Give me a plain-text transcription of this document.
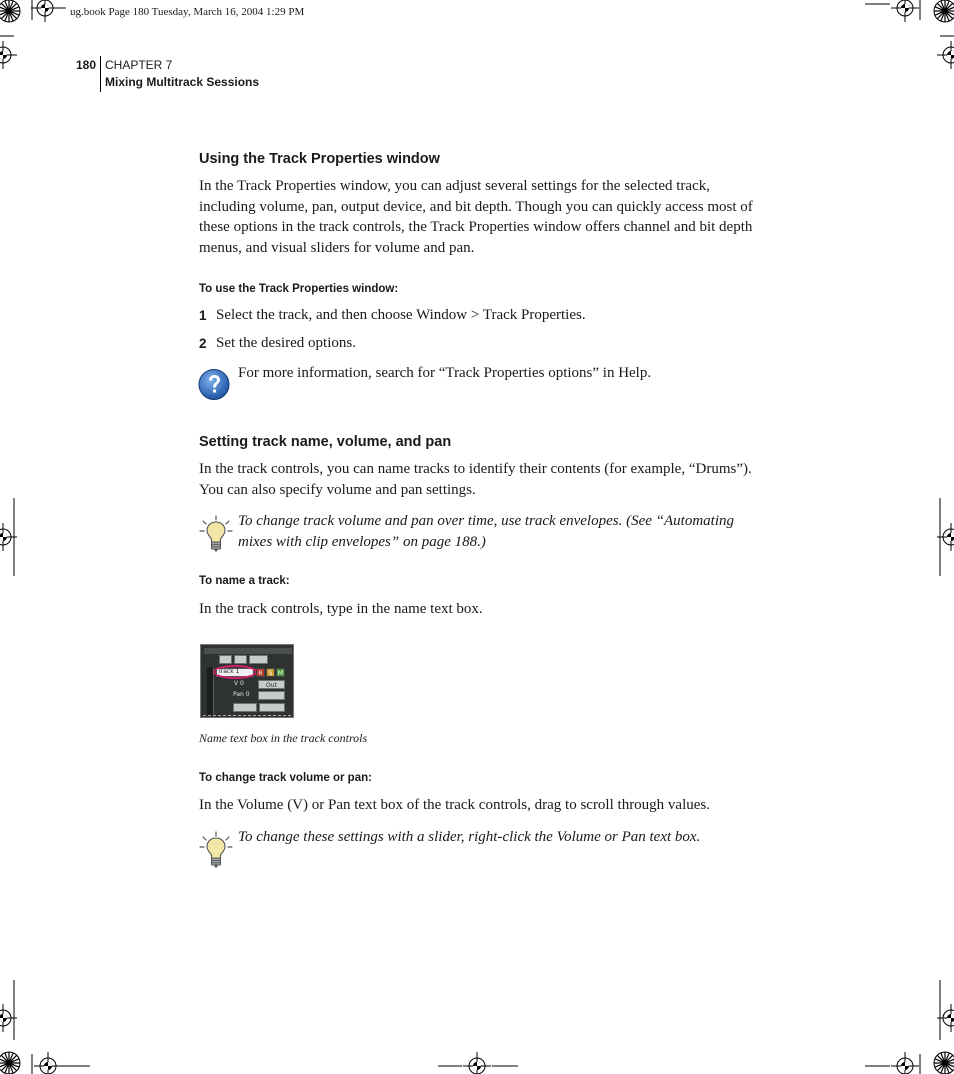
ug.book Page 180 Tuesday, March 16, 2004 1:29 PM
180 CHAPTER 7
Mixing Multitrack Sessions
Using the Track Properties window
In the Track Properties window, you can adjust several settings for the selected track, including volume, pan, output device, and bit depth. Though you can quickly access most of these options in the track controls, the Track Properties window offers channel and bit depth menus, and visual sliders for volume and pan.
To use the Track Properties window:
1 Select the track, and then choose Window > Track Properties.
2 Set the desired options.
For more information, search for “Track Properties options” in Help.
Setting track name, volume, and pan
In the track controls, you can name tracks to identify their contents (for example, “Drums”). You can also specify volume and pan settings.
To change track volume and pan over time, use track envelopes. (See “Automating mixes with clip envelopes” on page 188.)
To name a track:
In the track controls, type in the name text box.
Track 1	R	S M
V 0	Out
Pan 0
Name text box in the track controls
To change track volume or pan:
In the Volume (V) or Pan text box of the track controls, drag to scroll through values.
To change these settings with a slider, right-click the Volume or Pan text box.
